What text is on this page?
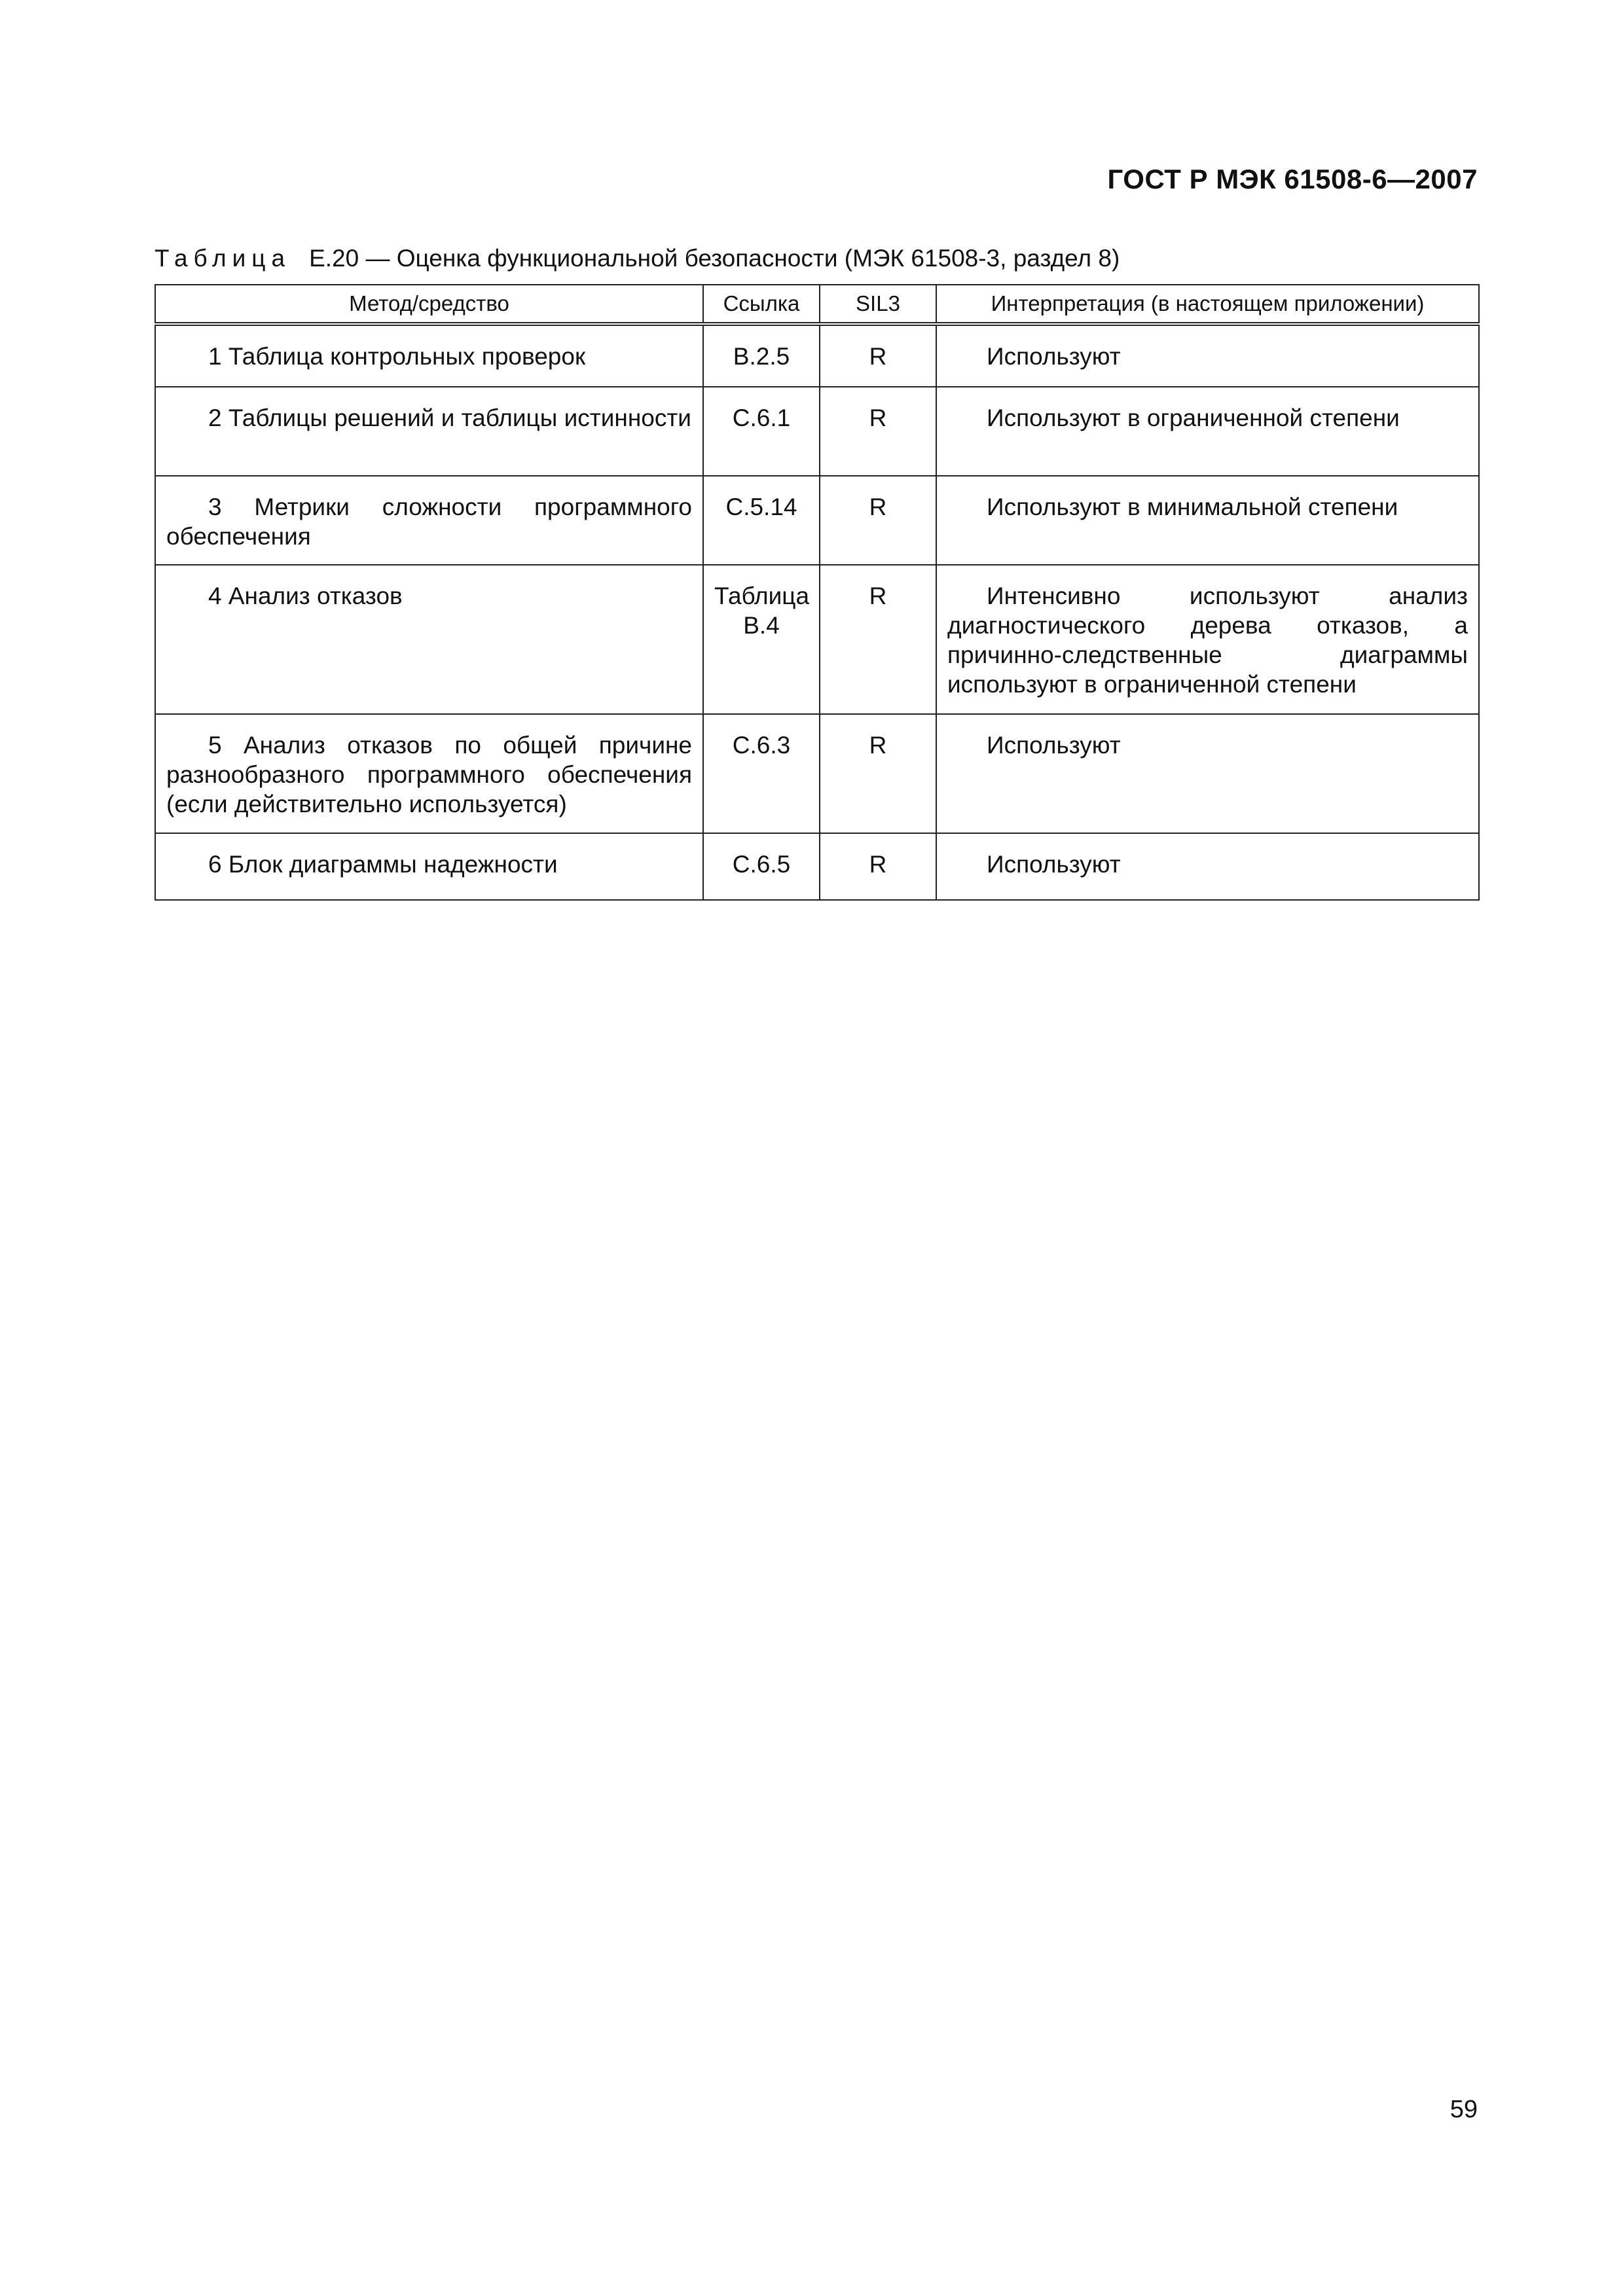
ГОСТ Р МЭК 61508-6—2007
Таблица Е.20 — Оценка функциональной безопасности (МЭК 61508-3, раздел 8)
Метод/средство	Ссылка	SIL3	Интерпретация (в настоящем приложении)
1 Таблица контрольных проверок	В.2.5	R	Используют
2 Таблицы решений и таблицы истинности	С.6.1	R	Используют в ограниченной степени
3 Метрики сложности программного обеспечения	С.5.14	R	Используют в минимальной степени
4 Анализ отказов	Таблица В.4	R	Интенсивно используют анализ диагностического дерева отказов, а причинно-следственные диаграммы используют в ограниченной степени
5 Анализ отказов по общей причине разнообразного программного обеспечения (если действительно используется)	С.6.3	R	Используют
6 Блок диаграммы надежности	С.6.5	R	Используют
59
